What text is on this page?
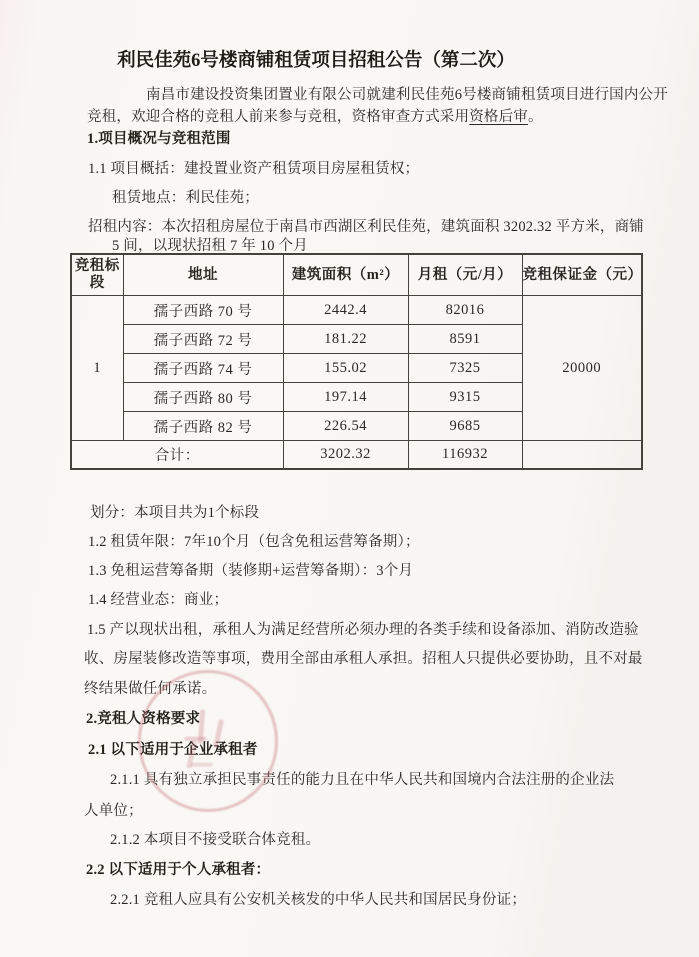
利民佳苑6号楼商铺租赁项目招租公告（第二次）
南昌市建设投资集团置业有限公司就建利民佳苑6号楼商铺租赁项目进行国内公开
竞租，欢迎合格的竞租人前来参与竞租，资格审查方式采用资格后审。
1.项目概况与竞租范围
1.1 项目概括：建投置业资产租赁项目房屋租赁权；
租赁地点：利民佳苑；
招租内容：本次招租房屋位于南昌市西湖区利民佳苑，建筑面积 3202.32 平方米，商铺
5 间，以现状招租 7 年 10 个月
竞租标段	地址	建筑面积（m²）	月租（元/月）	竞租保证金（元）
1	孺子西路 70 号	2442.4	82016	20000
	孺子西路 72 号	181.22	8591	
	孺子西路 74 号	155.02	7325	
	孺子西路 80 号	197.14	9315	
	孺子西路 82 号	226.54	9685	
合计：		3202.32	116932	
划分：本项目共为1个标段
1.2 租赁年限：7年10个月（包含免租运营筹备期）；
1.3 免租运营筹备期（装修期+运营筹备期）：3个月
1.4 经营业态：商业；
1.5 产以现状出租，承租人为满足经营所必须办理的各类手续和设备添加、消防改造验
收、房屋装修改造等事项，费用全部由承租人承担。招租人只提供必要协助，且不对最
终结果做任何承诺。
2.竞租人资格要求
2.1 以下适用于企业承租者
2.1.1 具有独立承担民事责任的能力且在中华人民共和国境内合法注册的企业法
人单位；
2.1.2 本项目不接受联合体竞租。
2.2 以下适用于个人承租者：
2.2.1 竞租人应具有公安机关核发的中华人民共和国居民身份证；
